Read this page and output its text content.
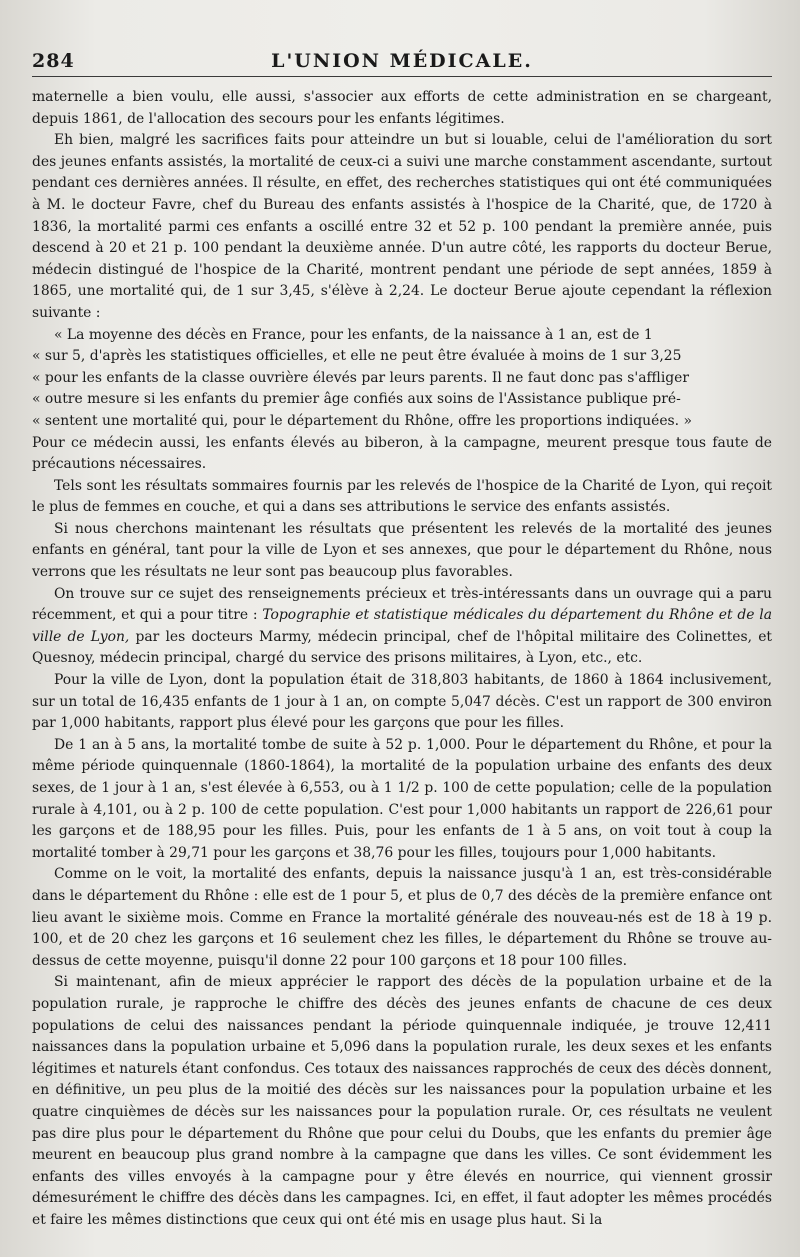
284	L'UNION MÉDICALE.

maternelle a bien voulu, elle aussi, s'associer aux efforts de cette administration en se chargeant, depuis 1861, de l'allocation des secours pour les enfants légitimes.

Eh bien, malgré les sacrifices faits pour atteindre un but si louable, celui de l'amélioration du sort des jeunes enfants assistés, la mortalité de ceux-ci a suivi une marche constamment ascendante, surtout pendant ces dernières années. Il résulte, en effet, des recherches statistiques qui ont été communiquées à M. le docteur Favre, chef du Bureau des enfants assistés à l'hospice de la Charité, que, de 1720 à 1836, la mortalité parmi ces enfants a oscillé entre 32 et 52 p. 100 pendant la première année, puis descend à 20 et 21 p. 100 pendant la deuxième année. D'un autre côté, les rapports du docteur Berue, médecin distingué de l'hospice de la Charité, montrent pendant une période de sept années, 1859 à 1865, une mortalité qui, de 1 sur 3,45, s'élève à 2,24. Le docteur Berue ajoute cependant la réflexion suivante :

« La moyenne des décès en France, pour les enfants, de la naissance à 1 an, est de 1

« sur 5, d'après les statistiques officielles, et elle ne peut être évaluée à moins de 1 sur 3,25

« pour les enfants de la classe ouvrière élevés par leurs parents. Il ne faut donc pas s'affliger

« outre mesure si les enfants du premier âge confiés aux soins de l'Assistance publique pré-

« sentent une mortalité qui, pour le département du Rhône, offre les proportions indiquées. »

Pour ce médecin aussi, les enfants élevés au biberon, à la campagne, meurent presque tous faute de précautions nécessaires.

Tels sont les résultats sommaires fournis par les relevés de l'hospice de la Charité de Lyon, qui reçoit le plus de femmes en couche, et qui a dans ses attributions le service des enfants assistés.

Si nous cherchons maintenant les résultats que présentent les relevés de la mortalité des jeunes enfants en général, tant pour la ville de Lyon et ses annexes, que pour le département du Rhône, nous verrons que les résultats ne leur sont pas beaucoup plus favorables.

On trouve sur ce sujet des renseignements précieux et très-intéressants dans un ouvrage qui a paru récemment, et qui a pour titre : Topographie et statistique médicales du département du Rhône et de la ville de Lyon, par les docteurs Marmy, médecin principal, chef de l'hôpital militaire des Colinettes, et Quesnoy, médecin principal, chargé du service des prisons militaires, à Lyon, etc., etc.

Pour la ville de Lyon, dont la population était de 318,803 habitants, de 1860 à 1864 inclusivement, sur un total de 16,435 enfants de 1 jour à 1 an, on compte 5,047 décès. C'est un rapport de 300 environ par 1,000 habitants, rapport plus élevé pour les garçons que pour les filles.

De 1 an à 5 ans, la mortalité tombe de suite à 52 p. 1,000. Pour le département du Rhône, et pour la même période quinquennale (1860-1864), la mortalité de la population urbaine des enfants des deux sexes, de 1 jour à 1 an, s'est élevée à 6,553, ou à 1 1/2 p. 100 de cette population; celle de la population rurale à 4,101, ou à 2 p. 100 de cette population. C'est pour 1,000 habitants un rapport de 226,61 pour les garçons et de 188,95 pour les filles. Puis, pour les enfants de 1 à 5 ans, on voit tout à coup la mortalité tomber à 29,71 pour les garçons et 38,76 pour les filles, toujours pour 1,000 habitants.

Comme on le voit, la mortalité des enfants, depuis la naissance jusqu'à 1 an, est très-considérable dans le département du Rhône : elle est de 1 pour 5, et plus de 0,7 des décès de la première enfance ont lieu avant le sixième mois. Comme en France la mortalité générale des nouveau-nés est de 18 à 19 p. 100, et de 20 chez les garçons et 16 seulement chez les filles, le département du Rhône se trouve au-dessus de cette moyenne, puisqu'il donne 22 pour 100 garçons et 18 pour 100 filles.

Si maintenant, afin de mieux apprécier le rapport des décès de la population urbaine et de la population rurale, je rapproche le chiffre des décès des jeunes enfants de chacune de ces deux populations de celui des naissances pendant la période quinquennale indiquée, je trouve 12,411 naissances dans la population urbaine et 5,096 dans la population rurale, les deux sexes et les enfants légitimes et naturels étant confondus. Ces totaux des naissances rapprochés de ceux des décès donnent, en définitive, un peu plus de la moitié des décès sur les naissances pour la population urbaine et les quatre cinquièmes de décès sur les naissances pour la population rurale. Or, ces résultats ne veulent pas dire plus pour le département du Rhône que pour celui du Doubs, que les enfants du premier âge meurent en beaucoup plus grand nombre à la campagne que dans les villes. Ce sont évidemment les enfants des villes envoyés à la campagne pour y être élevés en nourrice, qui viennent grossir démesurément le chiffre des décès dans les campagnes. Ici, en effet, il faut adopter les mêmes procédés et faire les mêmes distinctions que ceux qui ont été mis en usage plus haut. Si la
